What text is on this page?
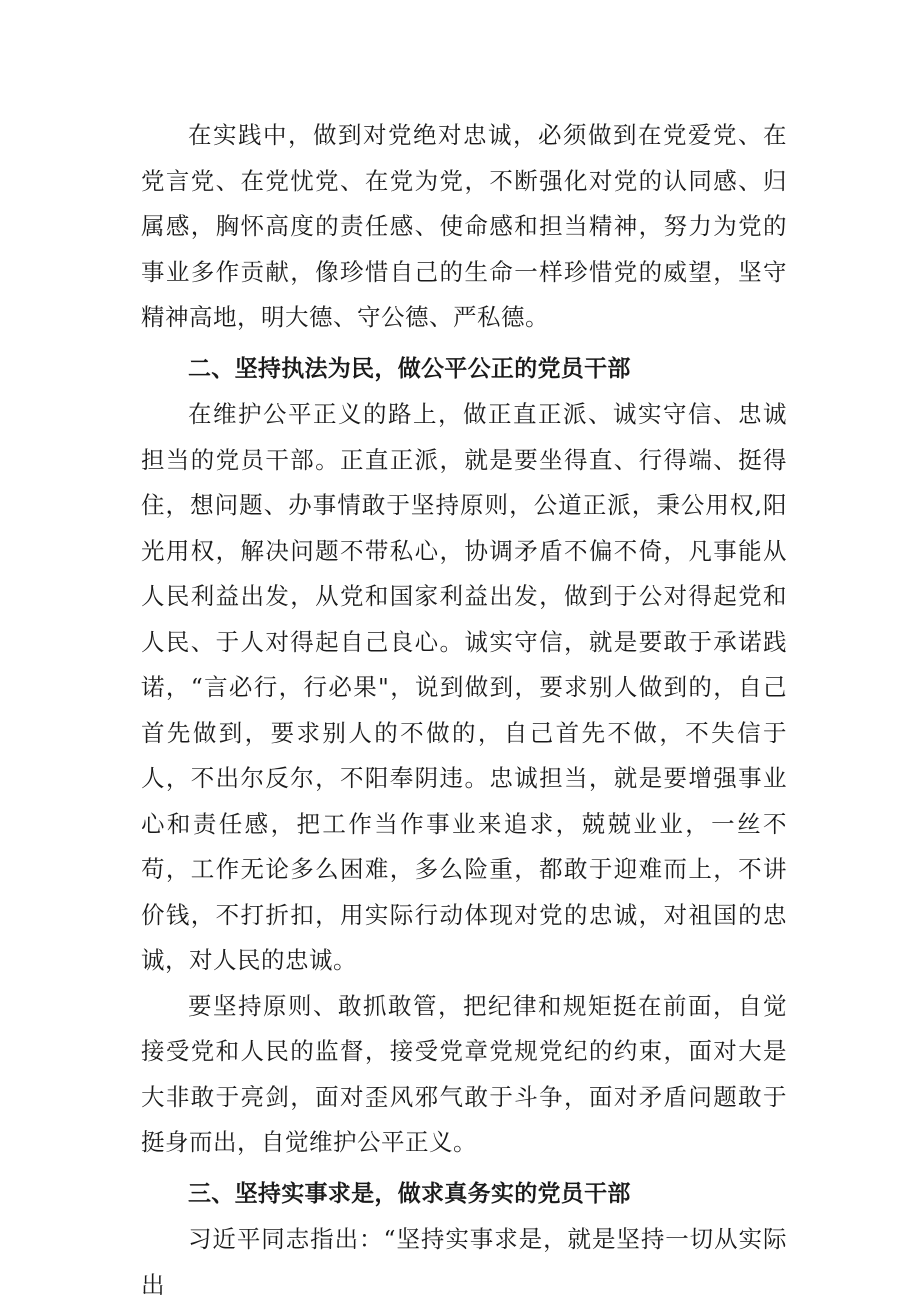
在实践中，做到对党绝对忠诚，必须做到在党爱党、在党言党、在党忧党、在党为党，不断强化对党的认同感、归属感，胸怀高度的责任感、使命感和担当精神，努力为党的事业多作贡献，像珍惜自己的生命一样珍惜党的威望，坚守精神高地，明大德、守公德、严私德。

二、坚持执法为民，做公平公正的党员干部

在维护公平正义的路上，做正直正派、诚实守信、忠诚担当的党员干部。正直正派，就是要坐得直、行得端、挺得住，想问题、办事情敢于坚持原则，公道正派，秉公用权,阳光用权，解决问题不带私心，协调矛盾不偏不倚，凡事能从人民利益出发，从党和国家利益出发，做到于公对得起党和人民、于人对得起自己良心。诚实守信，就是要敢于承诺践诺，“言必行，行必果"，说到做到，要求别人做到的，自己首先做到，要求别人的不做的，自己首先不做，不失信于人，不出尔反尔，不阳奉阴违。忠诚担当，就是要增强事业心和责任感，把工作当作事业来追求，兢兢业业，一丝不苟，工作无论多么困难，多么险重，都敢于迎难而上，不讲价钱，不打折扣，用实际行动体现对党的忠诚，对祖国的忠诚，对人民的忠诚。

要坚持原则、敢抓敢管，把纪律和规矩挺在前面，自觉接受党和人民的监督，接受党章党规党纪的约束，面对大是大非敢于亮剑，面对歪风邪气敢于斗争，面对矛盾问题敢于挺身而出，自觉维护公平正义。

三、坚持实事求是，做求真务实的党员干部

习近平同志指出：“坚持实事求是，就是坚持一切从实际出
